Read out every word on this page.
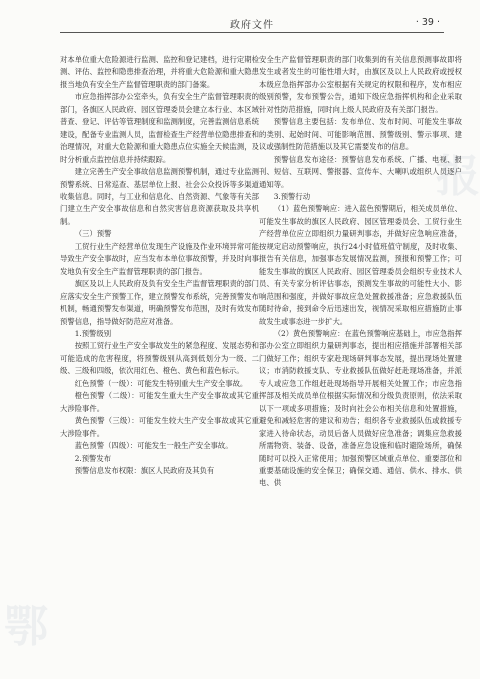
政府文件	· 39 ·

对本单位重大危险源进行监测、监控和登记建档，进行定期检测、评估、监控和隐患排查治理，并将重大危险源和重大隐患报当地负有安全生产监督管理职责的部门备案。

市应急指挥部办公室牵头，负有安全生产监督管理职责的部门，各旗区人民政府、园区管理委员会建立本行业、本区域普查、登记、评估等管理制度和监测制度，完善监测信息系统建设，配备专业监测人员，监督检查生产经营单位隐患排查和治理情况，对重大危险源和重大隐患点位实施全天候监测，及时分析重点监控信息并持续跟踪。

建立完善生产安全事故信息监测预警机制，通过专业监测预警系统、日常巡查、基层单位上报、社会公众投诉等多渠道收集信息。同时，与工业和信息化、自然资源、气象等有关部门建立生产安全事故信息和自然灾害信息资源获取及共享机制。

（三）预警

工贸行业生产经营单位发现生产设施及作业环境异常可能导致生产安全事故时，应当发布本单位事故预警，并及时向事发地负有安全生产监督管理职责的部门报告。

旗区及以上人民政府及负有安全生产监督管理职责的部门应落实安全生产预警工作，建立预警发布系统，完善预警发布机制，畅通预警发布渠道，明确预警发布范围，及时有效发布预警信息，指导做好防范应对准备。

1.预警级别

按照工贸行业生产安全事故发生的紧急程度、发展态势和可能造成的危害程度，将预警级别从高到低划分为一级、二级、三级和四级，依次用红色、橙色、黄色和蓝色标示。

红色预警（一级）：可能发生特别重大生产安全事故。

橙色预警（二级）：可能发生重大生产安全事故或其它重大涉险事件。

黄色预警（三级）：可能发生较大生产安全事故或其它重大涉险事件。

蓝色预警（四级）：可能发生一般生产安全事故。

2.预警发布

预警信息发布权限：旗区人民政府及其负有

安全生产监督管理职责的部门收集到的有关信息预测事故即将发生或者发生的可能性增大时，由旗区及以上人民政府或授权本级应急指挥部办公室根据有关规定的权限和程序，发布相应级别预警，发布预警公告，通知下级应急指挥机构和企业采取针对性防范措施，同时向上级人民政府及有关部门报告。

预警信息主要包括：发布单位、发布时间、可能发生事故的类别、起始时间、可能影响范围、预警级别、警示事项、建议或强制性防范措施以及其它需要发布的信息。

预警信息发布途径：预警信息发布系统、广播、电视、报刊、短信、互联网、警报器、宣传车、大喇叭或组织人员逐户通知等。

3.预警行动

（1）蓝色预警响应：进入蓝色预警期后，相关成员单位、可能发生事故的旗区人民政府、园区管理委员会、工贸行业生产经营单位应立即组织力量研判事态，并做好应急响应准备，按规定启动预警响应，执行24小时值班值守制度，及时收集、报告有关信息，加强事态发展情况监测，预报和预警工作；可能发生事故的旗区人民政府、园区管理委员会组织专业技术人员、有关专家分析评估事态，预测发生事故的可能性大小、影响范围和强度，并做好事故应急处置救援准备；应急救援队伍随时待命，接到命令后迅速出发，视情况采取相应措施防止事故发生或事态进一步扩大。

（2）黄色预警响应：在蓝色预警响应基础上，市应急指挥部办公室立即组织力量研判事态，提出相应措施并部署相关部门做好工作；组织专家赴现场研判事态发展，提出现场处置建议；市消防救援支队、专业救援队伍做好赶赴现场准备，并派专人或应急工作组赶赴现场指导开展相关处置工作；市应急指挥部及相关成员单位根据实际情况和分级负责原则，依法采取以下一项或多项措施；及时向社会公布相关信息和处置措施，避免和减轻危害的建议和劝告；组织各专业救援队伍或救援专家进入待命状态，动员后备人员做好应急准备；调集应急救援所需物资、装备、设备，准备应急设施和临时避险场所，确保随时可以投入正常使用；加强预警区域重点单位、重要部位和重要基础设施的安全保卫；确保交通、通信、供水、排水、供电、供

鄂
报
